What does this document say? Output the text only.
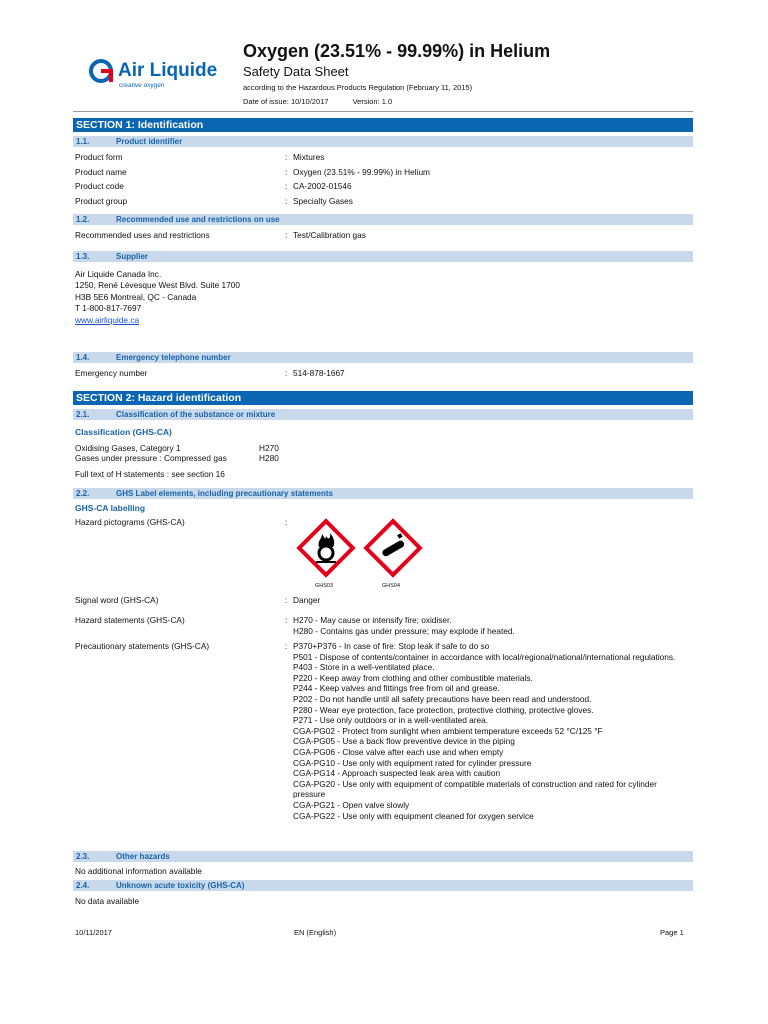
Air Liquide
creative oxygen
Oxygen (23.51% - 99.99%) in Helium
Safety Data Sheet
according to the Hazardous Products Regulation (February 11, 2015)
Date of issue: 10/10/2017	Version: 1.0
SECTION 1: Identification
1.1.	Product identifier
Product form	: Mixtures
Product name	: Oxygen (23.51% - 99.99%) in Helium
Product code	: CA-2002-01546
Product group	: Specialty Gases
1.2.	Recommended use and restrictions on use
Recommended uses and restrictions	: Test/Calibration gas
1.3.	Supplier
Air Liquide Canada Inc.
1250, René Lévesque West Blvd. Suite 1700
H3B 5E6 Montreal, QC - Canada
T 1-800-817-7697
www.airliquide.ca
1.4.	Emergency telephone number
Emergency number	: 514-878-1667
SECTION 2: Hazard identification
2.1.	Classification of the substance or mixture
Classification (GHS-CA)
Oxidising Gases, Category 1	H270
Gases under pressure : Compressed gas	H280
Full text of H statements : see section 16
2.2.	GHS Label elements, including precautionary statements
GHS-CA labelling
Hazard pictograms (GHS-CA)	:
GHS03	GHS04
Signal word (GHS-CA)	: Danger
Hazard statements (GHS-CA)	: H270 - May cause or intensify fire; oxidiser.
H280 - Contains gas under pressure; may explode if heated.
Precautionary statements (GHS-CA)	: P370+P376 - In case of fire: Stop leak if safe to do so
P501 - Dispose of contents/container in accordance with local/regional/national/international regulations.
P403 - Store in a well-ventilated place.
P220 - Keep away from clothing and other combustible materials.
P244 - Keep valves and fittings free from oil and grease.
P202 - Do not handle until all safety precautions have been read and understood.
P280 - Wear eye protection, face protection, protective clothing, protective gloves.
P271 - Use only outdoors or in a well-ventilated area.
CGA-PG02 - Protect from sunlight when ambient temperature exceeds 52 °C/125 °F
CGA-PG05 - Use a back flow preventive device in the piping
CGA-PG06 - Close valve after each use and when empty
CGA-PG10 - Use only with equipment rated for cylinder pressure
CGA-PG14 - Approach suspected leak area with caution
CGA-PG20 - Use only with equipment of compatible materials of construction and rated for cylinder pressure
CGA-PG21 - Open valve slowly
CGA-PG22 - Use only with equipment cleaned for oxygen service
2.3.	Other hazards
No additional information available
2.4.	Unknown acute toxicity (GHS-CA)
No data available
10/11/2017	EN (English)	Page 1
